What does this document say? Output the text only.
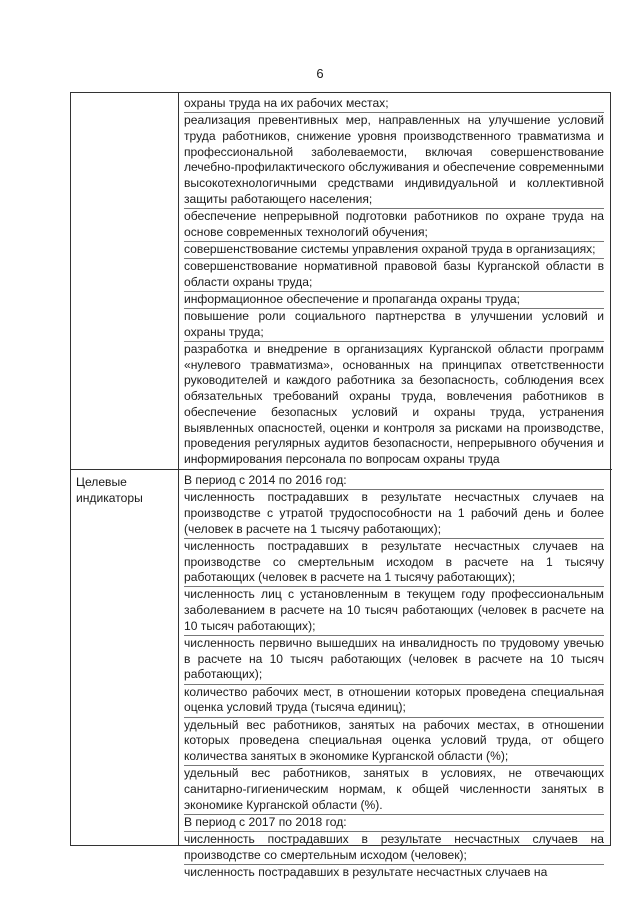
6
Целевые индикаторы

охраны труда на их рабочих местах;

реализация превентивных мер, направленных на улучшение условий труда работников, снижение уровня производственного травматизма и профессиональной заболеваемости, включая совершенствование лечебно-профилактического обслуживания и обеспечение современными высокотехнологичными средствами индивидуальной и коллективной защиты работающего населения;

обеспечение непрерывной подготовки работников по охране труда на основе современных технологий обучения;

совершенствование системы управления охраной труда в организациях;

совершенствование нормативной правовой базы Курганской области в области охраны труда;

информационное обеспечение и пропаганда охраны труда;

повышение роли социального партнерства в улучшении условий и охраны труда;

разработка и внедрение в организациях Курганской области программ «нулевого травматизма», основанных на принципах ответственности руководителей и каждого работника за безопасность, соблюдения всех обязательных требований охраны труда, вовлечения работников в обеспечение безопасных условий и охраны труда, устранения выявленных опасностей, оценки и контроля за рисками на производстве, проведения регулярных аудитов безопасности, непрерывного обучения и информирования персонала по вопросам охраны труда

В период с 2014 по 2016 год:

численность пострадавших в результате несчастных случаев на производстве с утратой трудоспособности на 1 рабочий день и более (человек в расчете на 1 тысячу работающих);

численность пострадавших в результате несчастных случаев на производстве со смертельным исходом в расчете на 1 тысячу работающих (человек в расчете на 1 тысячу работающих);

численность лиц с установленным в текущем году профессиональным заболеванием в расчете на 10 тысяч работающих (человек в расчете на 10 тысяч работающих);

численность первично вышедших на инвалидность по трудовому увечью в расчете на 10 тысяч работающих (человек в расчете на 10 тысяч работающих);

количество рабочих мест, в отношении которых проведена специальная оценка условий труда (тысяча единиц);

удельный вес работников, занятых на рабочих местах, в отношении которых проведена специальная оценка условий труда, от общего количества занятых в экономике Курганской области (%);

удельный вес работников, занятых в условиях, не отвечающих санитарно-гигиеническим нормам, к общей численности занятых в экономике Курганской области (%).

В период с 2017 по 2018 год:

численность пострадавших в результате несчастных случаев на производстве со смертельным исходом (человек);

численность пострадавших в результате несчастных случаев на
